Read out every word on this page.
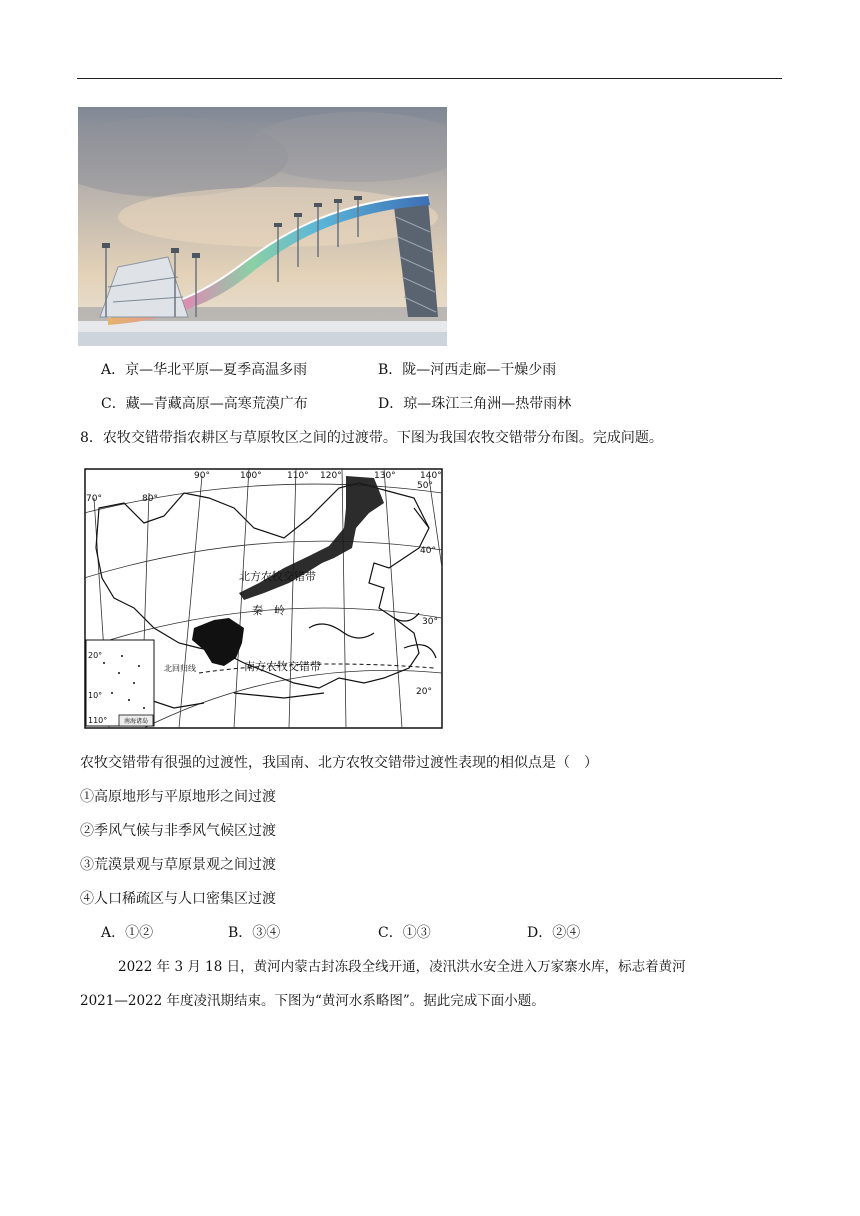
A．京—华北平原—夏季高温多雨	B．陇—河西走廊—干燥少雨
C．藏—青藏高原—高寒荒漠广布	D．琼—珠江三角洲—热带雨林
8．农牧交错带指农耕区与草原牧区之间的过渡带。下图为我国农牧交错带分布图。完成问题。
南海诸岛
70°	80°
90°	100°	110° 120°	130°	140°
50°
40°
30°
20°
20°
10°
110°
北方农牧交错带
秦　岭
南方农牧交错带
北回归线
农牧交错带有很强的过渡性，我国南、北方农牧交错带过渡性表现的相似点是（　）
①高原地形与平原地形之间过渡
②季风气候与非季风气候区过渡
③荒漠景观与草原景观之间过渡
④人口稀疏区与人口密集区过渡
A．①②	B．③④	C．①③	D．②④
2022 年 3 月 18 日，黄河内蒙古封冻段全线开通，凌汛洪水安全进入万家寨水库，标志着黄河
2021—2022 年度凌汛期结束。下图为“黄河水系略图”。据此完成下面小题。
